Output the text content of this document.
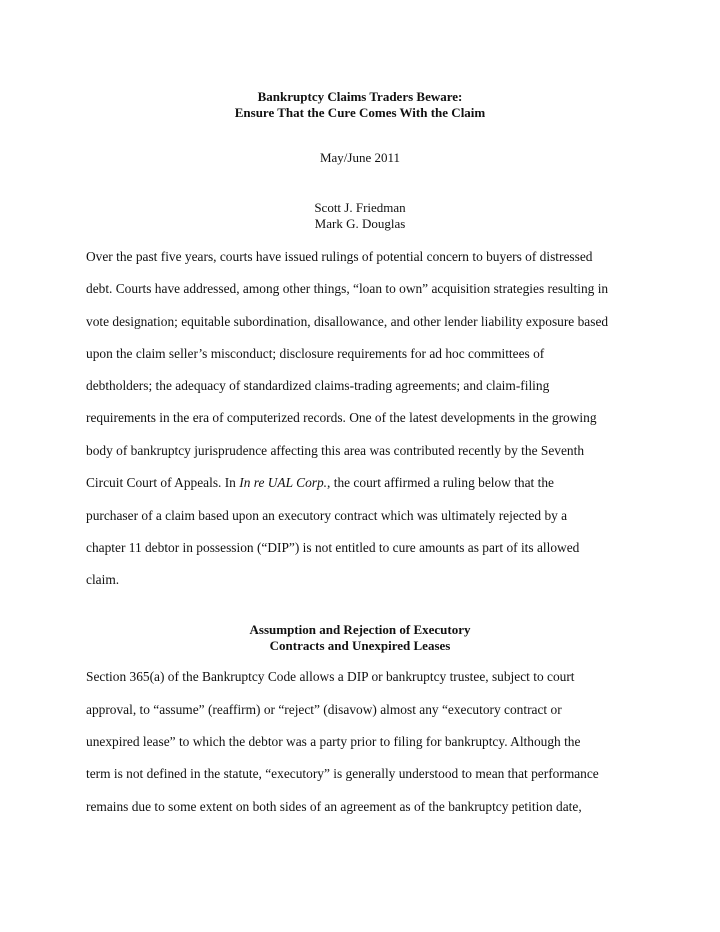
Bankruptcy Claims Traders Beware:
Ensure That the Cure Comes With the Claim
May/June 2011
Scott J. Friedman
Mark G. Douglas
Over the past five years, courts have issued rulings of potential concern to buyers of distressed
debt. Courts have addressed, among other things, “loan to own” acquisition strategies resulting in
vote designation; equitable subordination, disallowance, and other lender liability exposure based
upon the claim seller’s misconduct; disclosure requirements for ad hoc committees of
debtholders; the adequacy of standardized claims-trading agreements; and claim-filing
requirements in the era of computerized records. One of the latest developments in the growing
body of bankruptcy jurisprudence affecting this area was contributed recently by the Seventh
Circuit Court of Appeals. In In re UAL Corp., the court affirmed a ruling below that the
purchaser of a claim based upon an executory contract which was ultimately rejected by a
chapter 11 debtor in possession (“DIP”) is not entitled to cure amounts as part of its allowed
claim.
Assumption and Rejection of Executory
Contracts and Unexpired Leases
Section 365(a) of the Bankruptcy Code allows a DIP or bankruptcy trustee, subject to court
approval, to “assume” (reaffirm) or “reject” (disavow) almost any “executory contract or
unexpired lease” to which the debtor was a party prior to filing for bankruptcy. Although the
term is not defined in the statute, “executory” is generally understood to mean that performance
remains due to some extent on both sides of an agreement as of the bankruptcy petition date,
